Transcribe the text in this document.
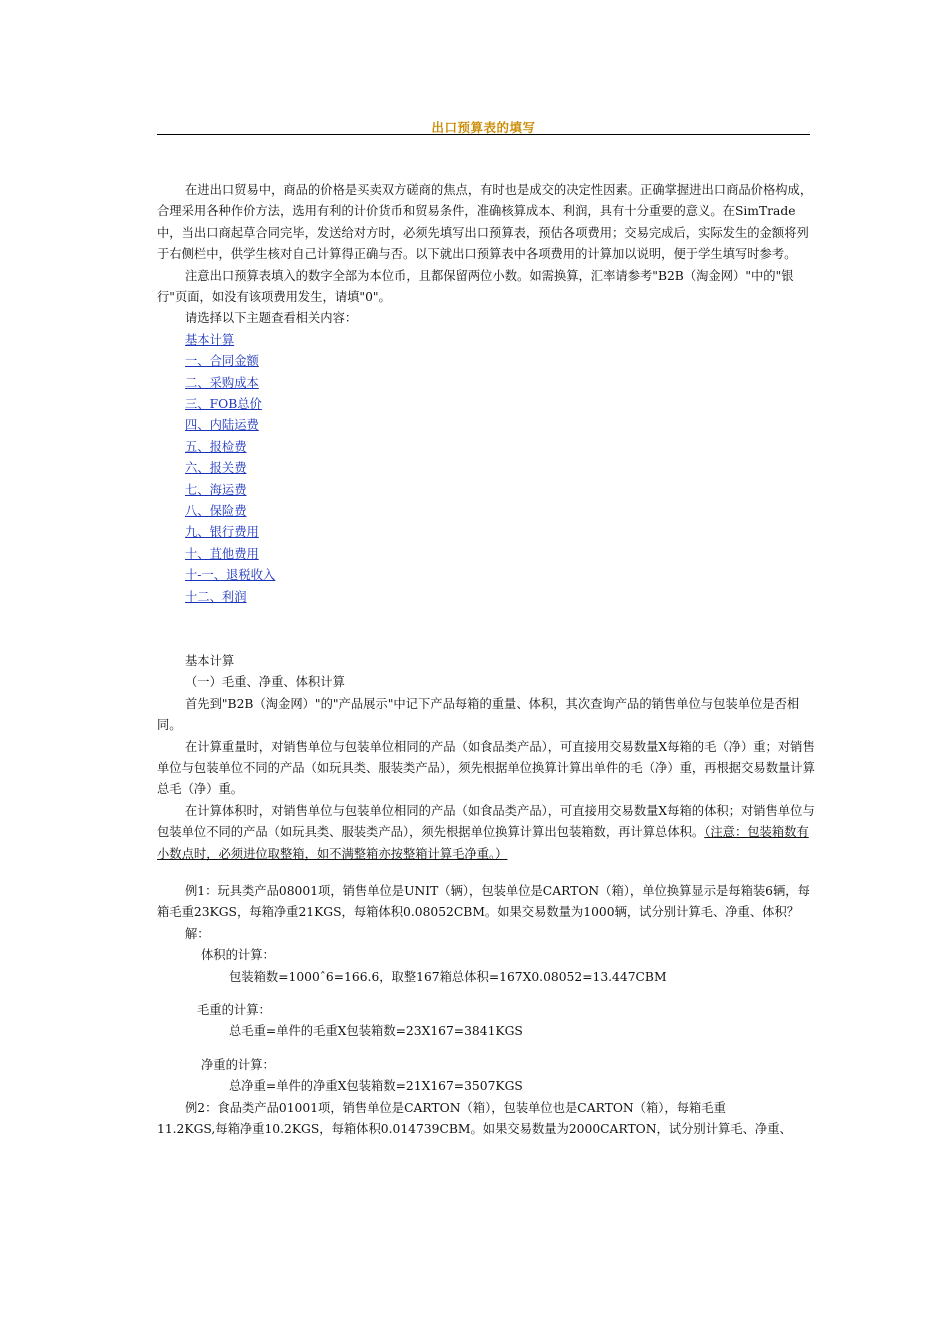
出口预算表的填写

在进出口贸易中，商品的价格是买卖双方磋商的焦点，有时也是成交的决定性因素。正确掌握进出口商品价格构成，合理采用各种作价方法，选用有利的计价货币和贸易条件，准确核算成本、利润，具有十分重要的意义。在SimTrade中，当出口商起草合同完毕，发送给对方时，必须先填写出口预算表，预估各项费用；交易完成后，实际发生的金额将列于右侧栏中，供学生核对自己计算得正确与否。以下就出口预算表中各项费用的计算加以说明，便于学生填写时参考。

注意出口预算表填入的数字全部为本位币，且都保留两位小数。如需换算，汇率请参考"B2B（淘金网）"中的"银行"页面，如没有该项费用发生，请填"0"。

请选择以下主题查看相关内容：

基本计算
一、合同金额
二、采购成本
三、FOB总价
四、内陆运费
五、报检费
六、报关费
七、海运费
八、保险费
九、银行费用
十、苴他费用
十-一、退税收入
十二、利润

基本计算

（一）毛重、净重、体积计算

首先到"B2B（淘金网）"的"产品展示"中记下产品每箱的重量、体积，其次查询产品的销售单位与包装单位是否相同。

在计算重量时，对销售单位与包装单位相同的产品（如食品类产品），可直接用交易数量X每箱的毛（净）重；对销售单位与包装单位不同的产品（如玩具类、服装类产品），须先根据单位换算计算出单件的毛（净）重，再根据交易数量计算总毛（净）重。

在计算体积时，对销售单位与包装单位相同的产品（如食品类产品），可直接用交易数量X每箱的体积；对销售单位与包装单位不同的产品（如玩具类、服装类产品），须先根据单位换算计算出包装箱数，再计算总体积。（注意：包装箱数有小数点时，必须进位取整箱，如不满整箱亦按整箱计算毛净重。）

例1：玩具类产品08001项，销售单位是UNIT（辆），包装单位是CARTON（箱），单位换算显示是每箱装6辆，每箱毛重23KGS，每箱净重21KGS，每箱体积0.08052CBM。如果交易数量为1000辆，试分别计算毛、净重、体积？

解：

体积的计算：

包装箱数=1000ˆ6=166.6，取整167箱总体积=167X0.08052=13.447CBM

毛重的计算：

总毛重=单件的毛重X包装箱数=23X167=3841KGS

净重的计算：

总净重=单件的净重X包装箱数=21X167=3507KGS

例2：食品类产品01001项，销售单位是CARTON（箱），包装单位也是CARTON（箱），每箱毛重

11.2KGS,每箱净重10.2KGS，每箱体积0.014739CBM。如果交易数量为2000CARTON，试分别计算毛、净重、
